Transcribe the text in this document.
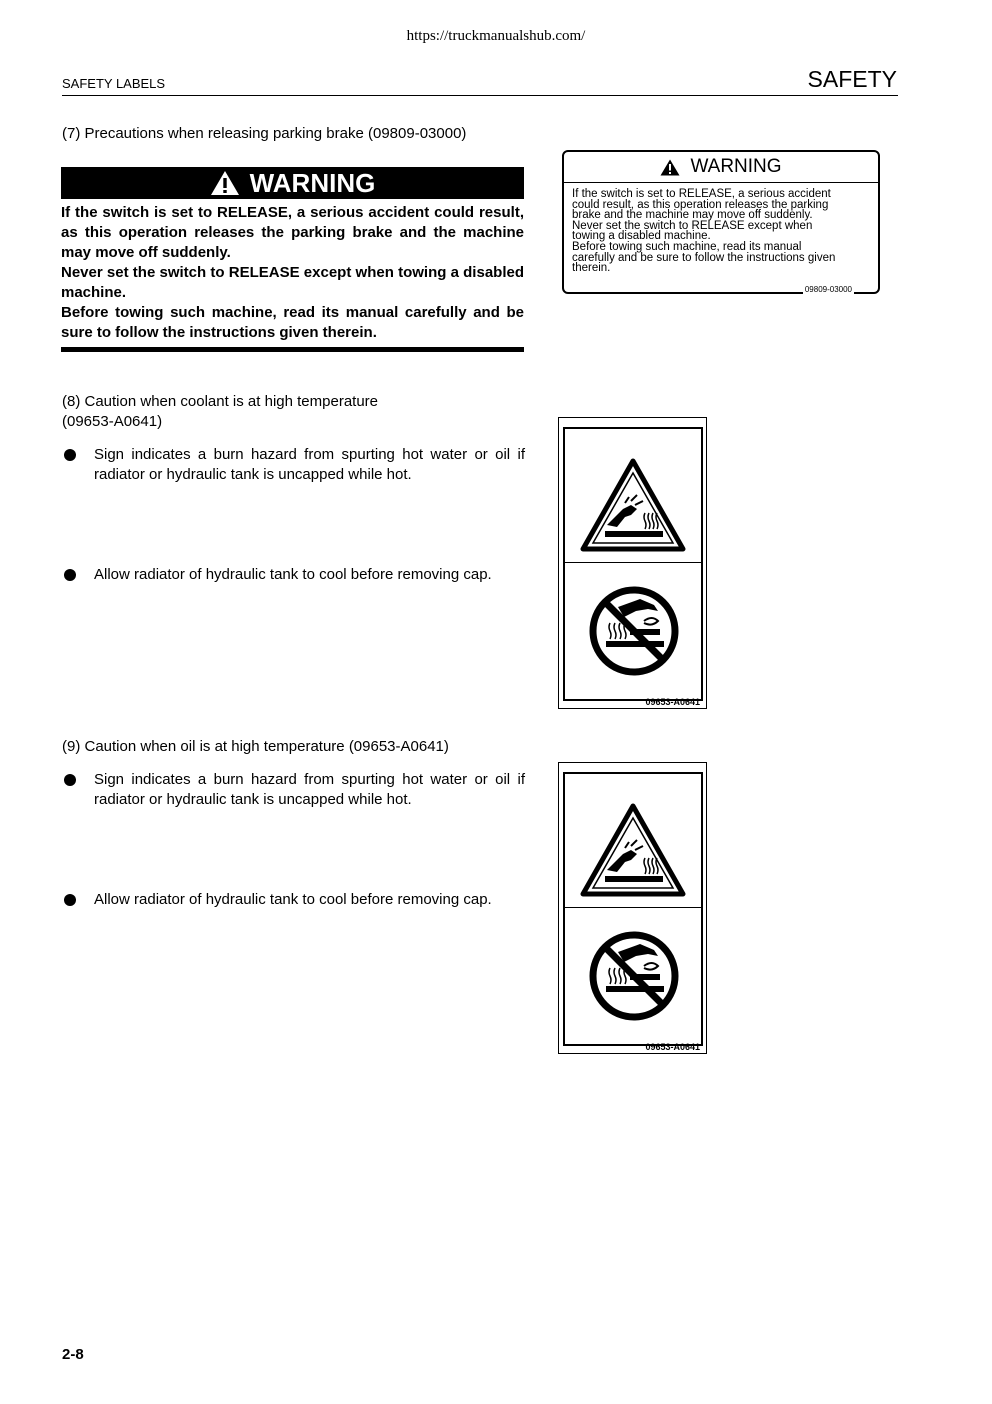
https://truckmanualshub.com/
SAFETY LABELS	SAFETY
(7) Precautions when releasing parking brake (09809-03000)
WARNING

If the switch is set to RELEASE, a serious accident could result, as this operation releases the parking brake and the machine may move off suddenly.

Never set the switch to RELEASE except when towing a disabled machine.

Before towing such machine, read its manual carefully and be sure to follow the instructions given therein.

WARNING
If the switch is set to RELEASE, a serious accident
could result, as this operation releases the parking
brake and the machine may move off suddenly.
Never set the switch to RELEASE except when
towing a disabled machine.
Before towing such machine, read its manual
carefully and be sure to follow the instructions given
therein.
09809-03000
(8) Caution when coolant is at high temperature
(09653-A0641)
Sign indicates a burn hazard from spurting hot water or oil if radiator or hydraulic tank is uncapped while hot.
Allow radiator of hydraulic tank to cool before removing cap.
09653-A0641
(9) Caution when oil is at high temperature (09653-A0641)
Sign indicates a burn hazard from spurting hot water or oil if radiator or hydraulic tank is uncapped while hot.
Allow radiator of hydraulic tank to cool before removing cap.
09653-A0641
2-8
